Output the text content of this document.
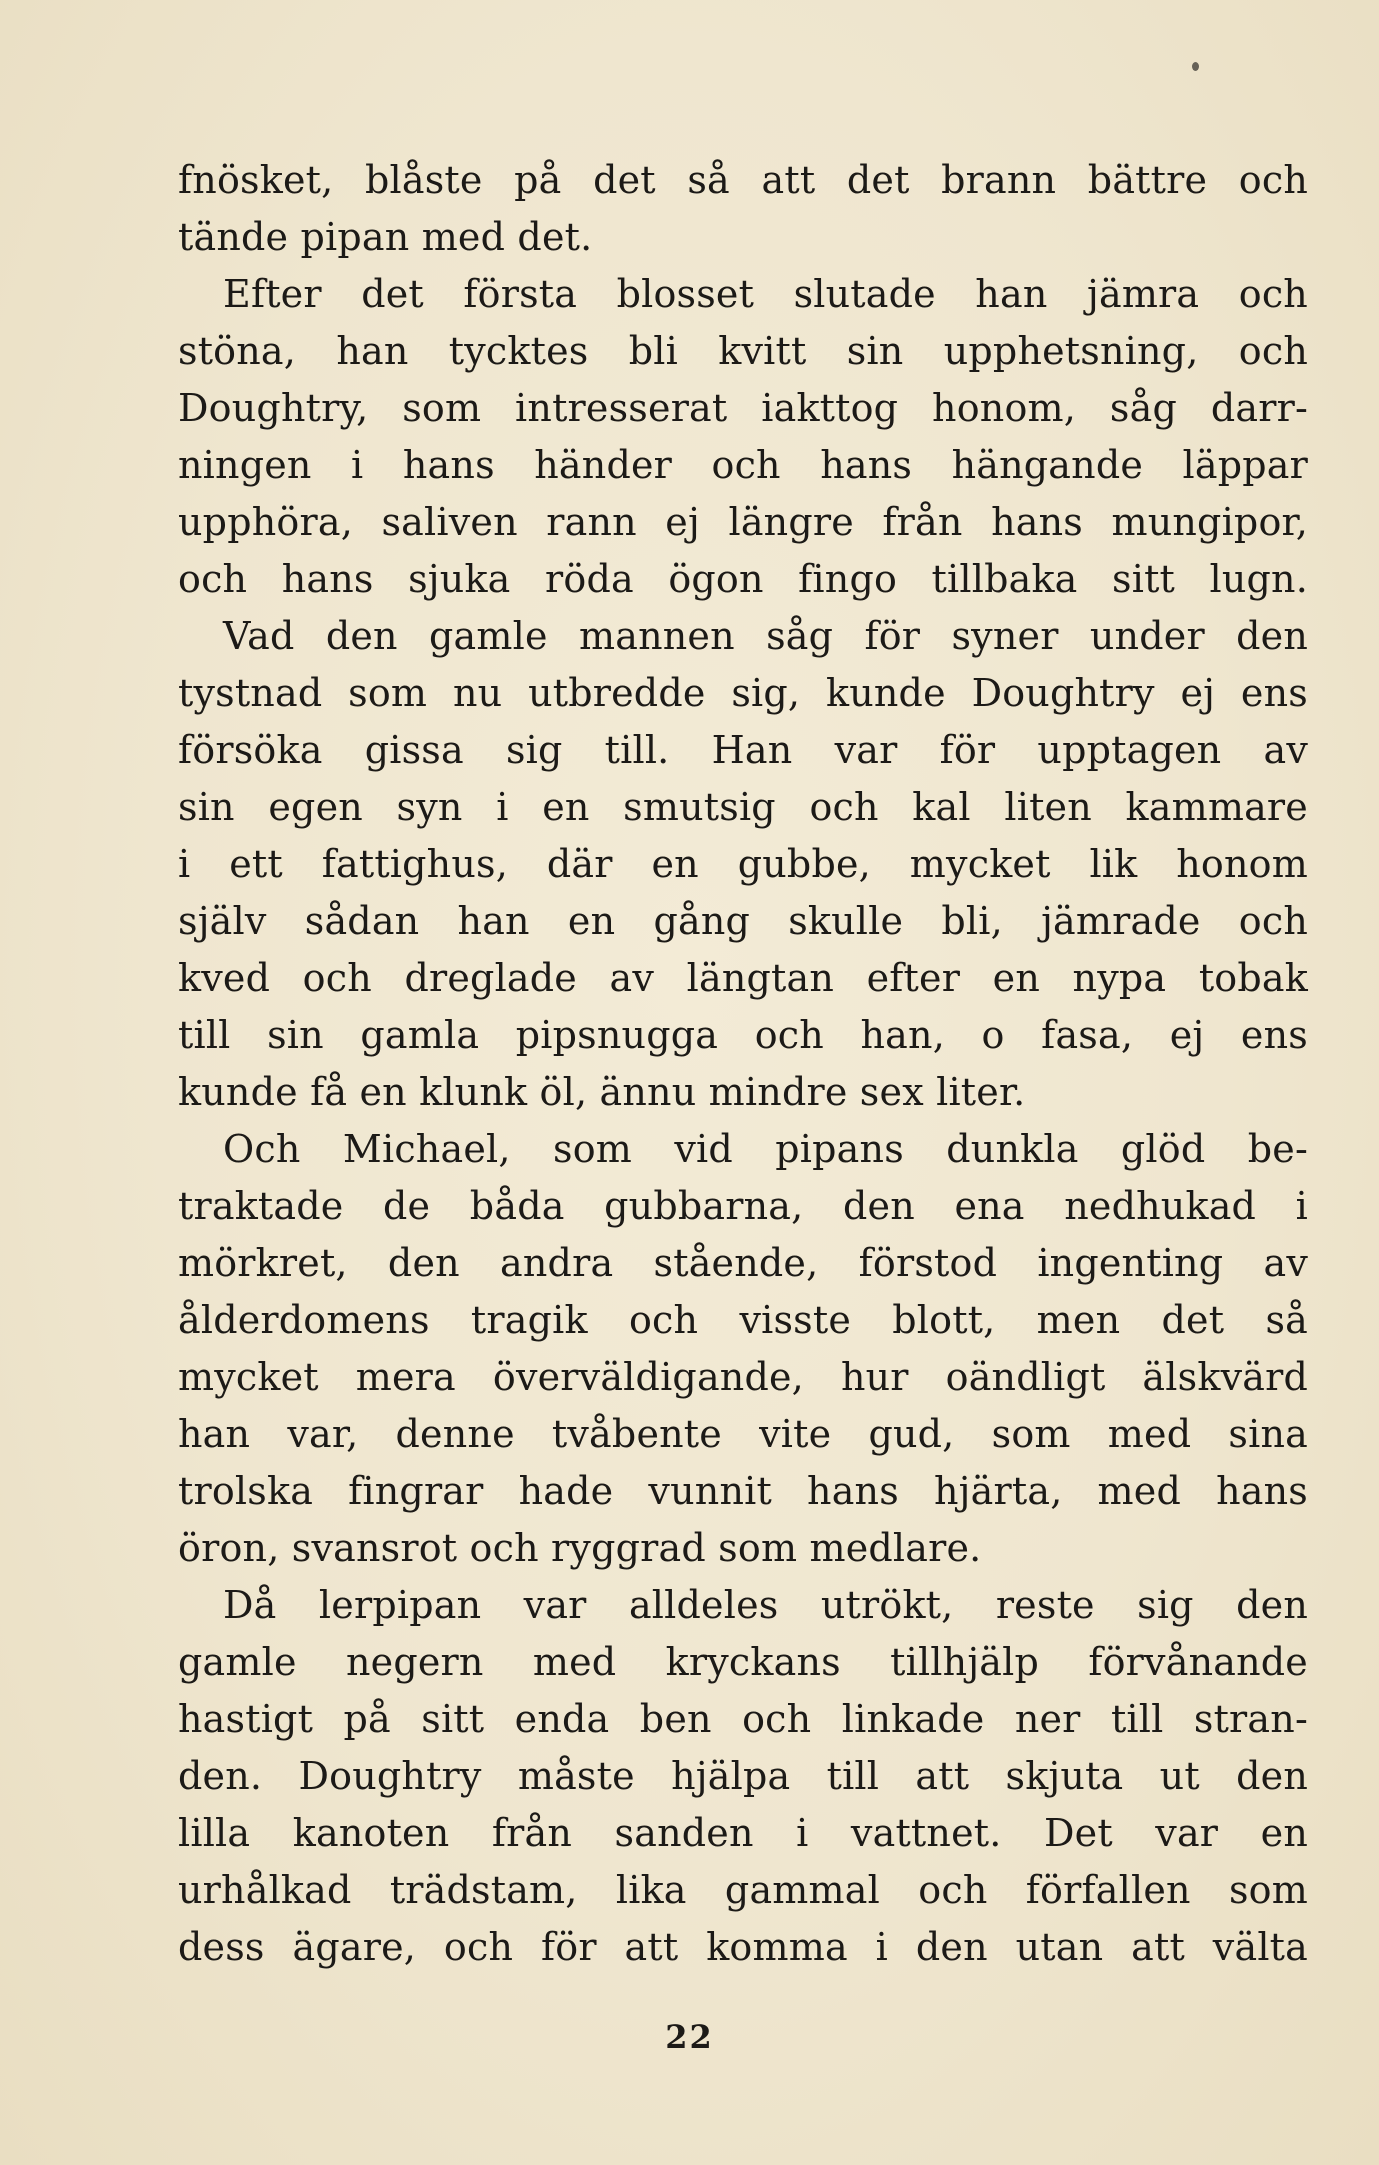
fnösket, blåste på det så att det brann bättre och
tände pipan med det.
Efter det första blosset slutade han jämra och
stöna, han tycktes bli kvitt sin upphetsning, och
Doughtry, som intresserat iakttog honom, såg darr-
ningen i hans händer och hans hängande läppar
upphöra, saliven rann ej längre från hans mungipor,
och hans sjuka röda ögon fingo tillbaka sitt lugn.
Vad den gamle mannen såg för syner under den
tystnad som nu utbredde sig, kunde Doughtry ej ens
försöka gissa sig till. Han var för upptagen av
sin egen syn i en smutsig och kal liten kammare
i ett fattighus, där en gubbe, mycket lik honom
själv sådan han en gång skulle bli, jämrade och
kved och dreglade av längtan efter en nypa tobak
till sin gamla pipsnugga och han, o fasa, ej ens
kunde få en klunk öl, ännu mindre sex liter.
Och Michael, som vid pipans dunkla glöd be-
traktade de båda gubbarna, den ena nedhukad i
mörkret, den andra stående, förstod ingenting av
ålderdomens tragik och visste blott, men det så
mycket mera överväldigande, hur oändligt älskvärd
han var, denne tvåbente vite gud, som med sina
trolska fingrar hade vunnit hans hjärta, med hans
öron, svansrot och ryggrad som medlare.
Då lerpipan var alldeles utrökt, reste sig den
gamle negern med kryckans tillhjälp förvånande
hastigt på sitt enda ben och linkade ner till stran-
den. Doughtry måste hjälpa till att skjuta ut den
lilla kanoten från sanden i vattnet. Det var en
urhålkad trädstam, lika gammal och förfallen som
dess ägare, och för att komma i den utan att välta
22
